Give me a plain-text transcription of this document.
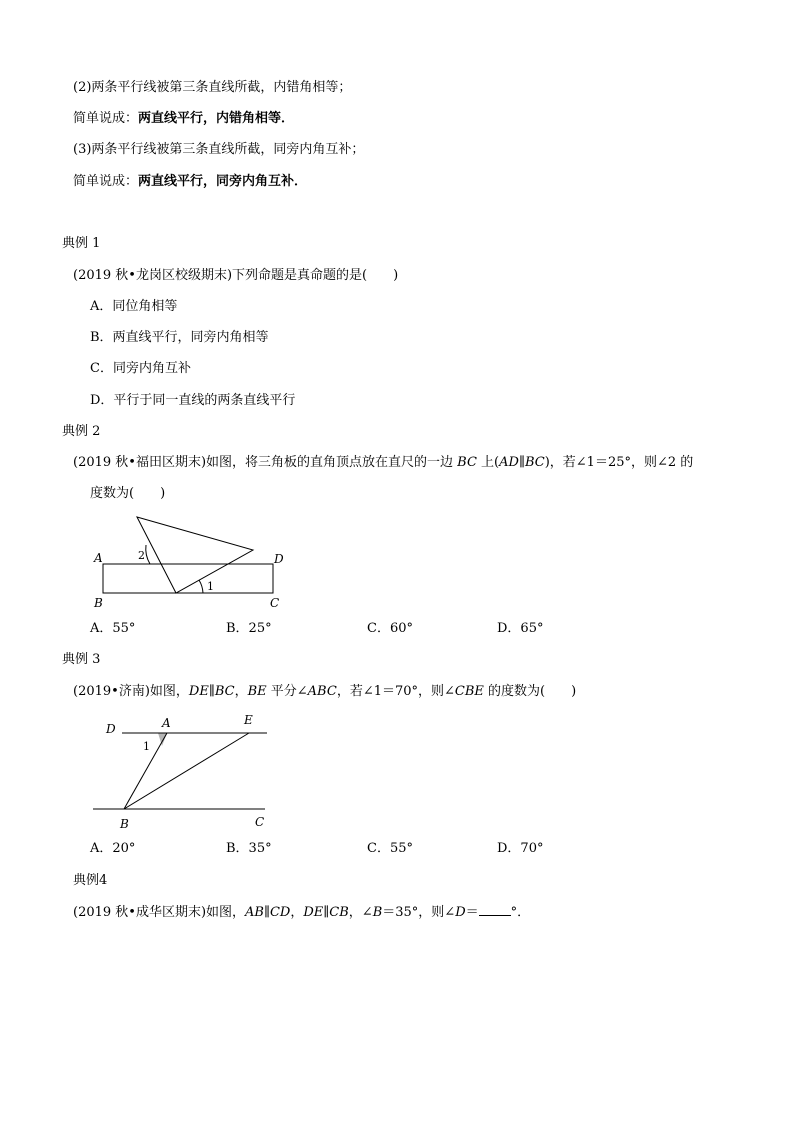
(2)两条平行线被第三条直线所截，内错角相等；
简单说成：两直线平行，内错角相等．
(3)两条平行线被第三条直线所截，同旁内角互补；
简单说成：两直线平行，同旁内角互补．
典例 1
(2019 秋•龙岗区校级期末)下列命题是真命题的是(　　)
A．同位角相等
B．两直线平行，同旁内角相等
C．同旁内角互补
D．平行于同一直线的两条直线平行
典例 2
(2019 秋•福田区期末)如图，将三角板的直角顶点放在直尺的一边 BC 上(AD∥BC)，若∠1＝25°，则∠2 的
度数为(　　)
A
B	C
D
1
2
A．55°	B．25°	C．60°	D．65°
典例 3
(2019•济南)如图，DE∥BC，BE 平分∠ABC，若∠1＝70°，则∠CBE 的度数为(　　)
D	A	E
B	C
1
A．20°	B．35°	C．55°	D．70°
典例4
(2019 秋•成华区期末)如图，AB∥CD，DE∥CB，∠B＝35°，则∠D＝ °．
